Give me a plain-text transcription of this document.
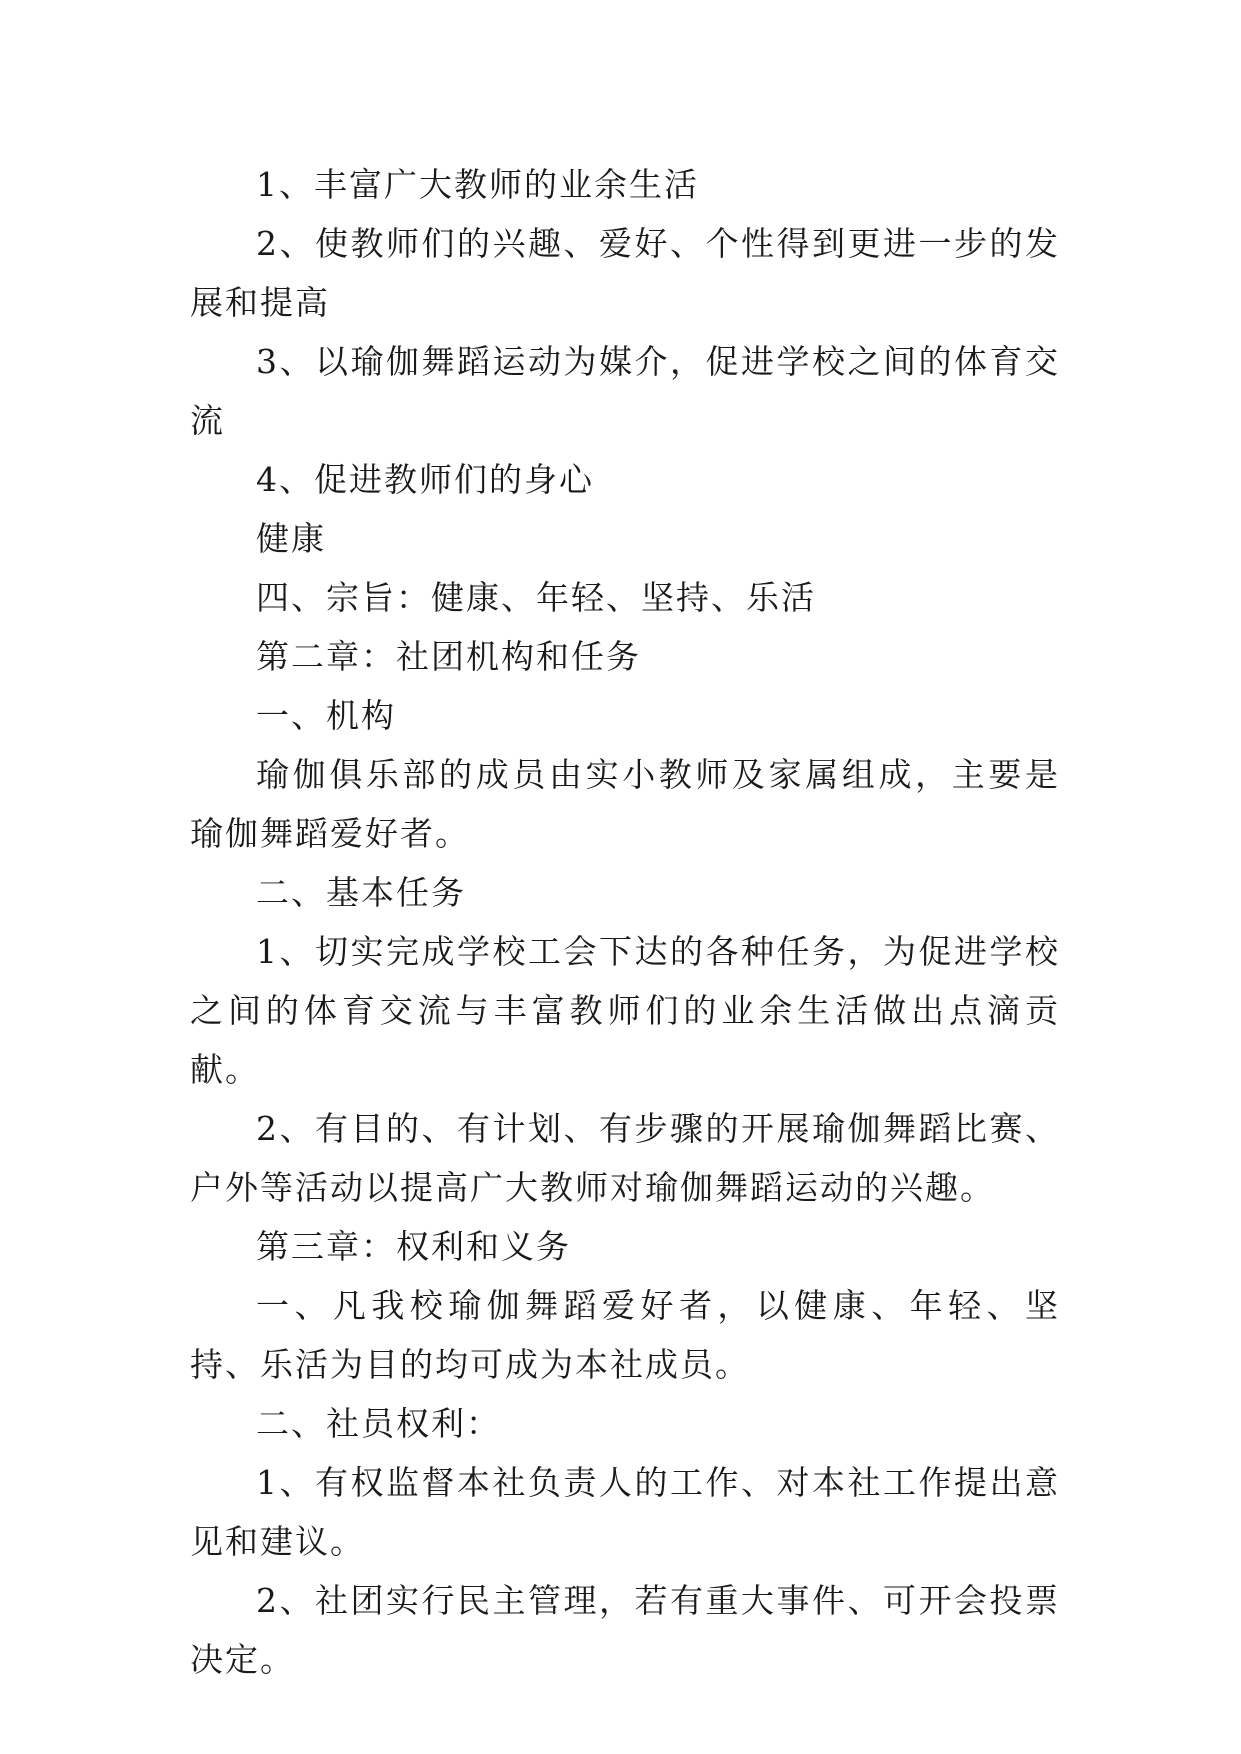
1、丰富广大教师的业余生活

2、使教师们的兴趣、爱好、个性得到更进一步的发展和提高

3、以瑜伽舞蹈运动为媒介，促进学校之间的体育交流

4、促进教师们的身心

健康

四、宗旨：健康、年轻、坚持、乐活

第二章：社团机构和任务

一、机构

瑜伽俱乐部的成员由实小教师及家属组成，主要是瑜伽舞蹈爱好者。

二、基本任务

1、切实完成学校工会下达的各种任务，为促进学校之间的体育交流与丰富教师们的业余生活做出点滴贡献。

2、有目的、有计划、有步骤的开展瑜伽舞蹈比赛、户外等活动以提高广大教师对瑜伽舞蹈运动的兴趣。

第三章：权利和义务

一、凡我校瑜伽舞蹈爱好者，以健康、年轻、坚持、乐活为目的均可成为本社成员。

二、社员权利：

1、有权监督本社负责人的工作、对本社工作提出意见和建议。

2、社团实行民主管理，若有重大事件、可开会投票决定。
